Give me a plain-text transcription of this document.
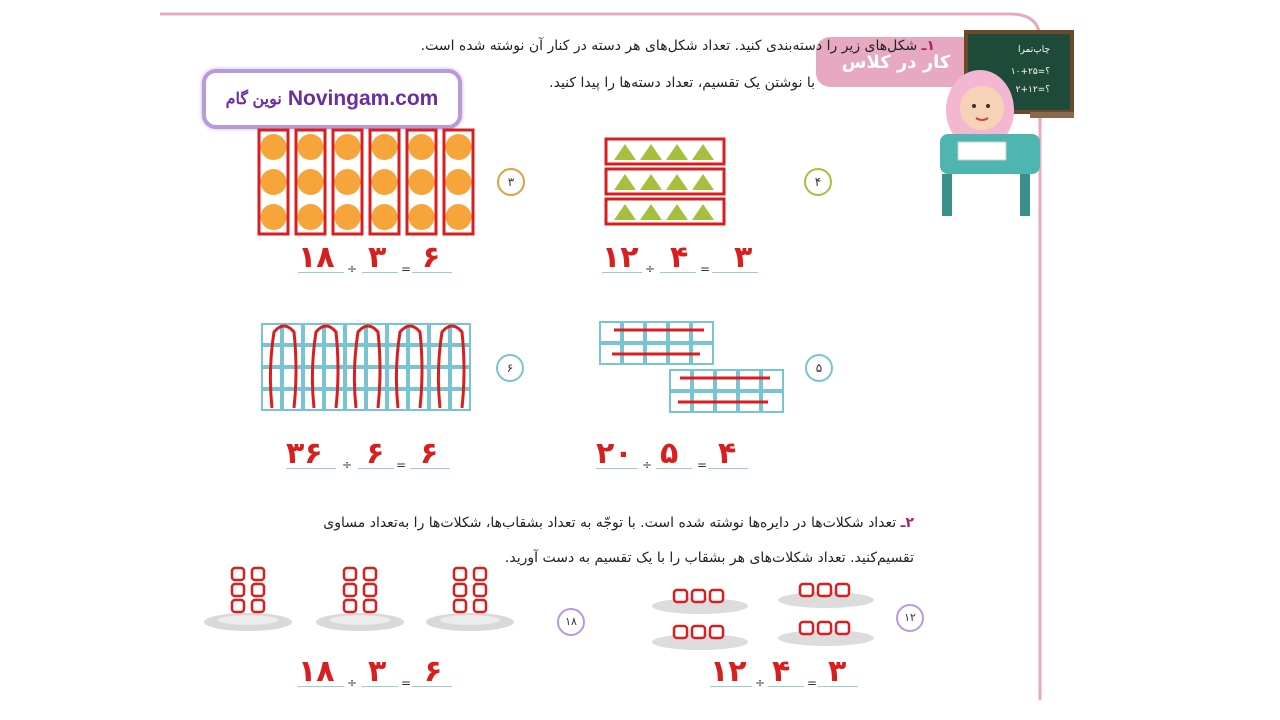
نوین گام Novingam.com
کار در کلاس
چاپ‌تمرا
۱۰+۲۵=؟
۲+۱۲=؟
۱ـ شکل‌های زیر را دسته‌بندی کنید. تعداد شکل‌های هر دسته در کنار آن نوشته شده است.
با نوشتن یک تقسیم، تعداد دسته‌ها را پیدا کنید.
۳	۴
۱۸ ÷ ۳ = ۶	۱۲ ÷ ۴ = ۳
۶	۵
۳۶ ÷ ۶ = ۶	۲۰ ÷ ۵ = ۴
۲ـ تعداد شکلات‌ها در دایره‌ها نوشته شده است. با توجّه به تعداد بشقاب‌ها، شکلات‌ها را به‌تعداد مساوی
تقسیم‌کنید. تعداد شکلات‌های هر بشقاب را با یک تقسیم به دست آورید.
۱۸	۱۲
۱۸ ÷ ۳ = ۶	۱۲ ÷ ۴ = ۳
